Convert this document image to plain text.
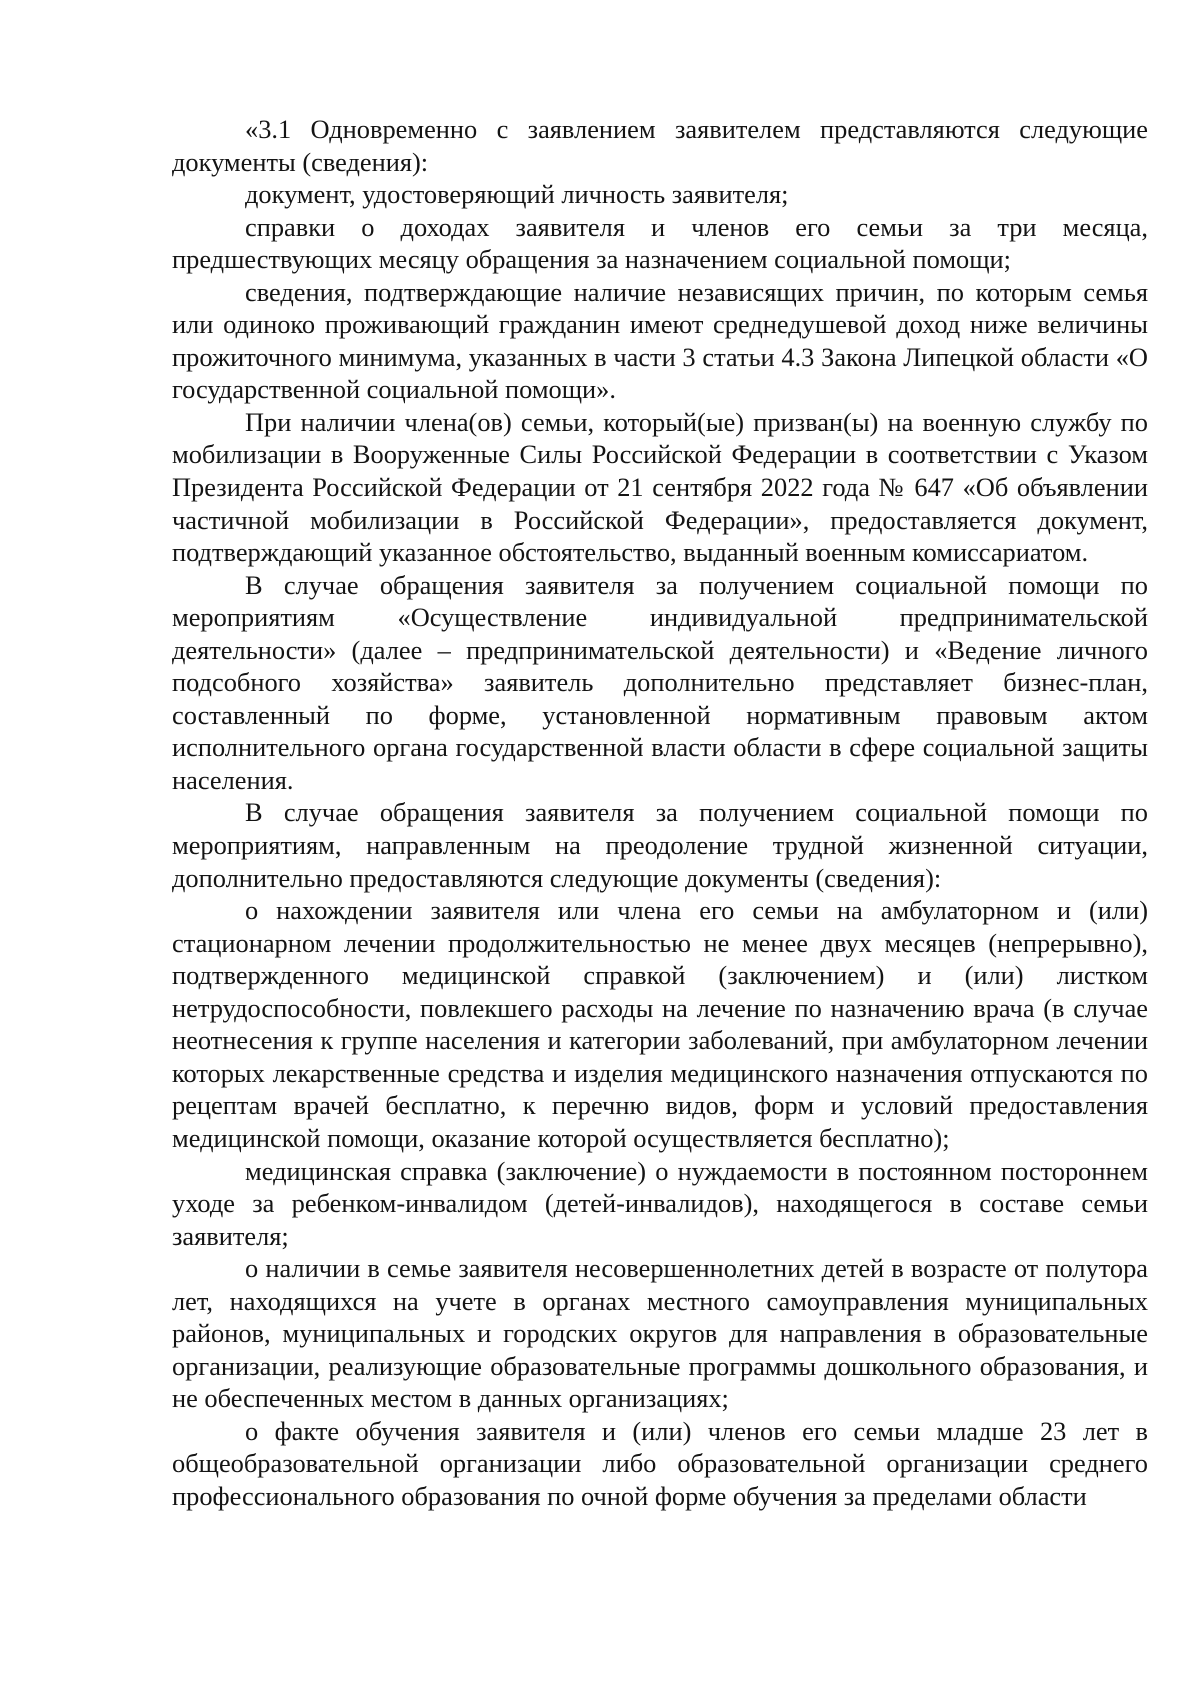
«3.1 Одновременно с заявлением заявителем представляются следующие документы (сведения):

документ, удостоверяющий личность заявителя;

справки о доходах заявителя и членов его семьи за три месяца, предшествующих месяцу обращения за назначением социальной помощи;

сведения, подтверждающие наличие независящих причин, по которым семья или одиноко проживающий гражданин имеют среднедушевой доход ниже величины прожиточного минимума, указанных в части 3 статьи 4.3 Закона Липецкой области «О государственной социальной помощи».

При наличии члена(ов) семьи, который(ые) призван(ы) на военную службу по мобилизации в Вооруженные Силы Российской Федерации в соответствии с Указом Президента Российской Федерации от 21 сентября 2022 года № 647 «Об объявлении частичной мобилизации в Российской Федерации», предоставляется документ, подтверждающий указанное обстоятельство, выданный военным комиссариатом.

В случае обращения заявителя за получением социальной помощи по мероприятиям «Осуществление индивидуальной предпринимательской деятельности» (далее – предпринимательской деятельности) и «Ведение личного подсобного хозяйства» заявитель дополнительно представляет бизнес-план, составленный по форме, установленной нормативным правовым актом исполнительного органа государственной власти области в сфере социальной защиты населения.

В случае обращения заявителя за получением социальной помощи по мероприятиям, направленным на преодоление трудной жизненной ситуации, дополнительно предоставляются следующие документы (сведения):

о нахождении заявителя или члена его семьи на амбулаторном и (или) стационарном лечении продолжительностью не менее двух месяцев (непрерывно), подтвержденного медицинской справкой (заключением) и (или) листком нетрудоспособности, повлекшего расходы на лечение по назначению врача (в случае неотнесения к группе населения и категории заболеваний, при амбулаторном лечении которых лекарственные средства и изделия медицинского назначения отпускаются по рецептам врачей бесплатно, к перечню видов, форм и условий предоставления медицинской помощи, оказание которой осуществляется бесплатно);

медицинская справка (заключение) о нуждаемости в постоянном постороннем уходе за ребенком-инвалидом (детей-инвалидов), находящегося в составе семьи заявителя;

о наличии в семье заявителя несовершеннолетних детей в возрасте от полутора лет, находящихся на учете в органах местного самоуправления муниципальных районов, муниципальных и городских округов для направления в образовательные организации, реализующие образовательные программы дошкольного образования, и не обеспеченных местом в данных организациях;

о факте обучения заявителя и (или) членов его семьи младше 23 лет в общеобразовательной организации либо образовательной организации среднего профессионального образования по очной форме обучения за пределами области
